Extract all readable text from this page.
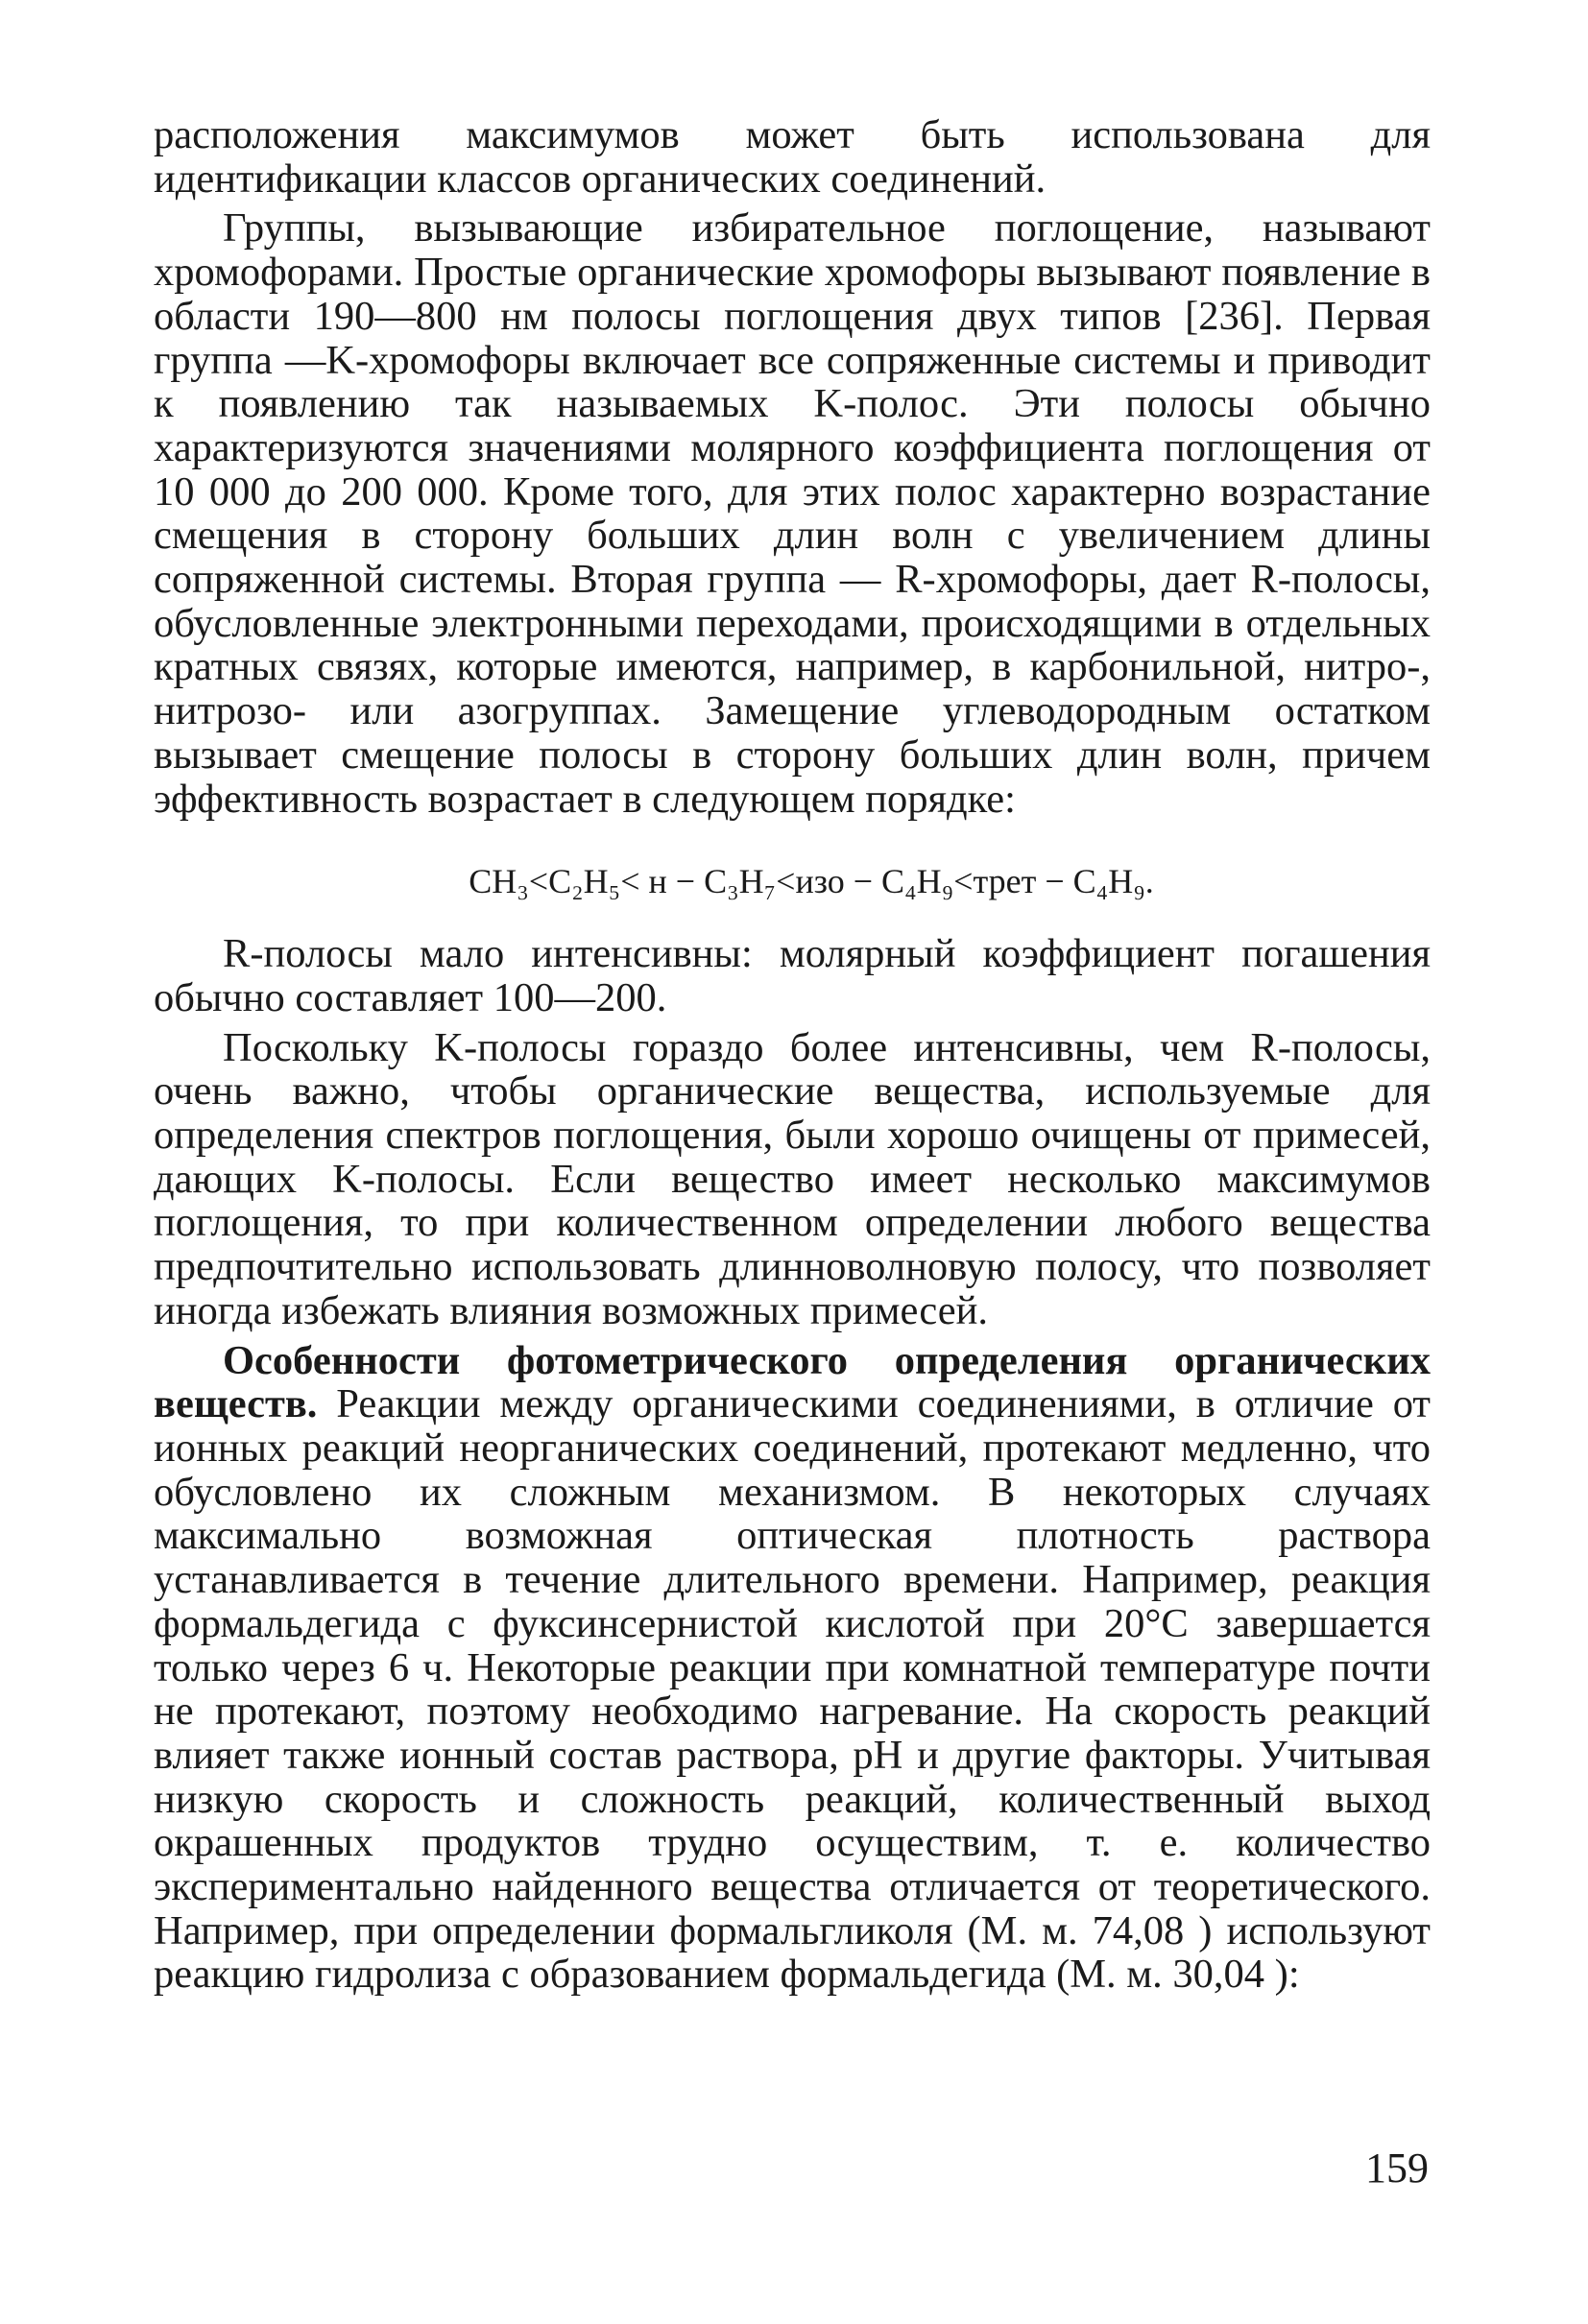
расположения максимумов может быть использована для идентификации классов органических соединений.

Группы, вызывающие избирательное поглощение, называют хромофорами. Простые органические хромофоры вызывают появление в области 190—800 нм полосы поглощения двух типов [236]. Первая группа —K-хромофоры включает все сопряженные системы и приводит к появлению так называемых K-полос. Эти полосы обычно характеризуются значениями молярного коэффициента поглощения от 10 000 до 200 000. Кроме того, для этих полос характерно возрастание смещения в сторону больших длин волн с увеличением длины сопряженной системы. Вторая группа — R-хромофоры, дает R-полосы, обусловленные электронными переходами, происходящими в отдельных кратных связях, которые имеются, например, в карбонильной, нитро-, нитрозо- или азогруппах. Замещение углеводородным остатком вызывает смещение полосы в сторону больших длин волн, причем эффективность возрастает в следующем порядке:

CH₃<C₂H₅< н − C₃H₇<изо − C₄H₉<трет − C₄H₉.

R-полосы мало интенсивны: молярный коэффициент погашения обычно составляет 100—200.

Поскольку K-полосы гораздо более интенсивны, чем R-полосы, очень важно, чтобы органические вещества, используемые для определения спектров поглощения, были хорошо очищены от примесей, дающих K-полосы. Если вещество имеет несколько максимумов поглощения, то при количественном определении любого вещества предпочтительно использовать длинноволновую полосу, что позволяет иногда избежать влияния возможных примесей.

Особенности фотометрического определения органических веществ. Реакции между органическими соединениями, в отличие от ионных реакций неорганических соединений, протекают медленно, что обусловлено их сложным механизмом. В некоторых случаях максимально возможная оптическая плотность раствора устанавливается в течение длительного времени. Например, реакция формальдегида с фуксинсернистой кислотой при 20°С завершается только через 6 ч. Некоторые реакции при комнатной температуре почти не протекают, поэтому необходимо нагревание. На скорость реакций влияет также ионный состав раствора, pH и другие факторы. Учитывая низкую скорость и сложность реакций, количественный выход окрашенных продуктов трудно осуществим, т. е. количество экспериментально найденного вещества отличается от теоретического. Например, при определении формальгликоля (М. м. 74,08 ) используют реакцию гидролиза с образованием формальдегида (М. м. 30,04 ):

159
